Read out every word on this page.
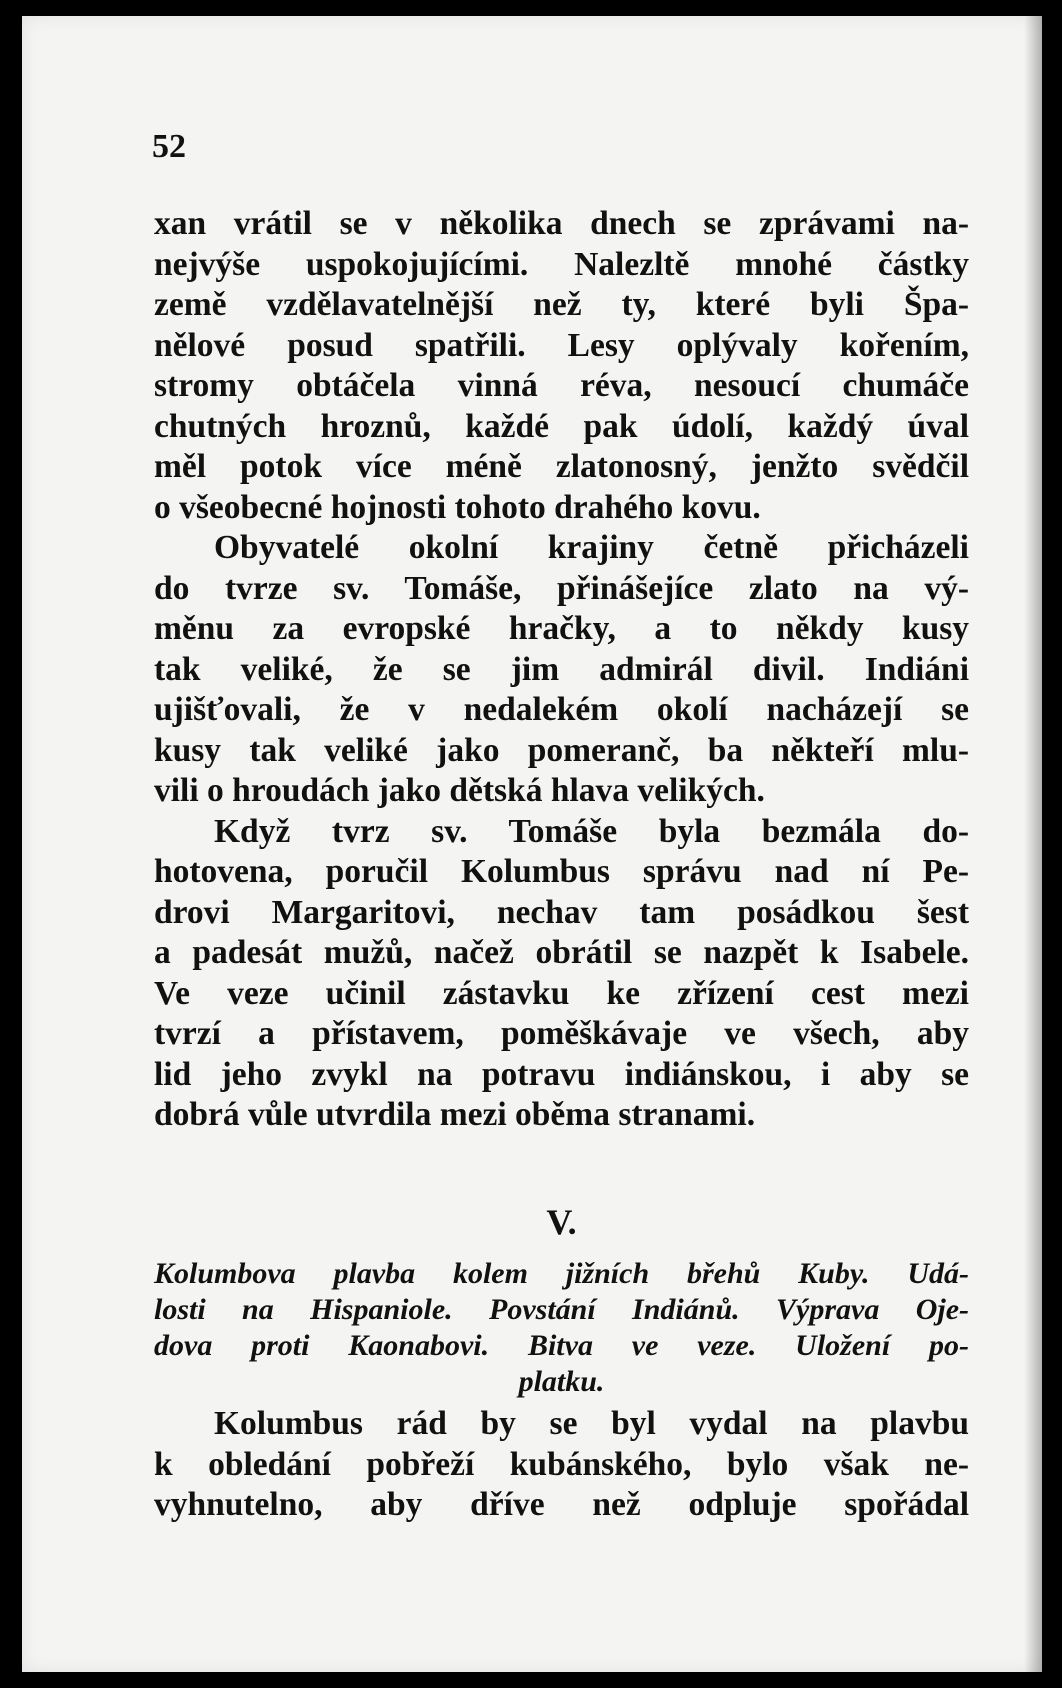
52
xan vrátil se v několika dnech se zprávami na-
nejvýše uspokojujícími. Nalezltě mnohé částky
země vzdělavatelnější než ty, které byli Špa-
nělové posud spatřili. Lesy oplývaly kořením,
stromy obtáčela vinná réva, nesoucí chumáče
chutných hroznů, každé pak údolí, každý úval
měl potok více méně zlatonosný, jenžto svědčil
o všeobecné hojnosti tohoto drahého kovu.
Obyvatelé okolní krajiny četně přicházeli
do tvrze sv. Tomáše, přinášejíce zlato na vý-
měnu za evropské hračky, a to někdy kusy
tak veliké, že se jim admirál divil. Indiáni
ujišťovali, že v nedalekém okolí nacházejí se
kusy tak veliké jako pomeranč, ba někteří mlu-
vili o hroudách jako dětská hlava velikých.
Když tvrz sv. Tomáše byla bezmála do-
hotovena, poručil Kolumbus správu nad ní Pe-
drovi Margaritovi, nechav tam posádkou šest
a padesát mužů, načež obrátil se nazpět k Isabele.
Ve veze učinil zástavku ke zřízení cest mezi
tvrzí a přístavem, poměškávaje ve všech, aby
lid jeho zvykl na potravu indiánskou, i aby se
dobrá vůle utvrdila mezi oběma stranami.
V.
Kolumbova plavba kolem jižních břehů Kuby. Udá-
losti na Hispaniole. Povstání Indiánů. Výprava Oje-
dova proti Kaonabovi. Bitva ve veze. Uložení po-
platku.
Kolumbus rád by se byl vydal na plavbu
k obledání pobřeží kubánského, bylo však ne-
vyhnutelno, aby dříve než odpluje spořádal
